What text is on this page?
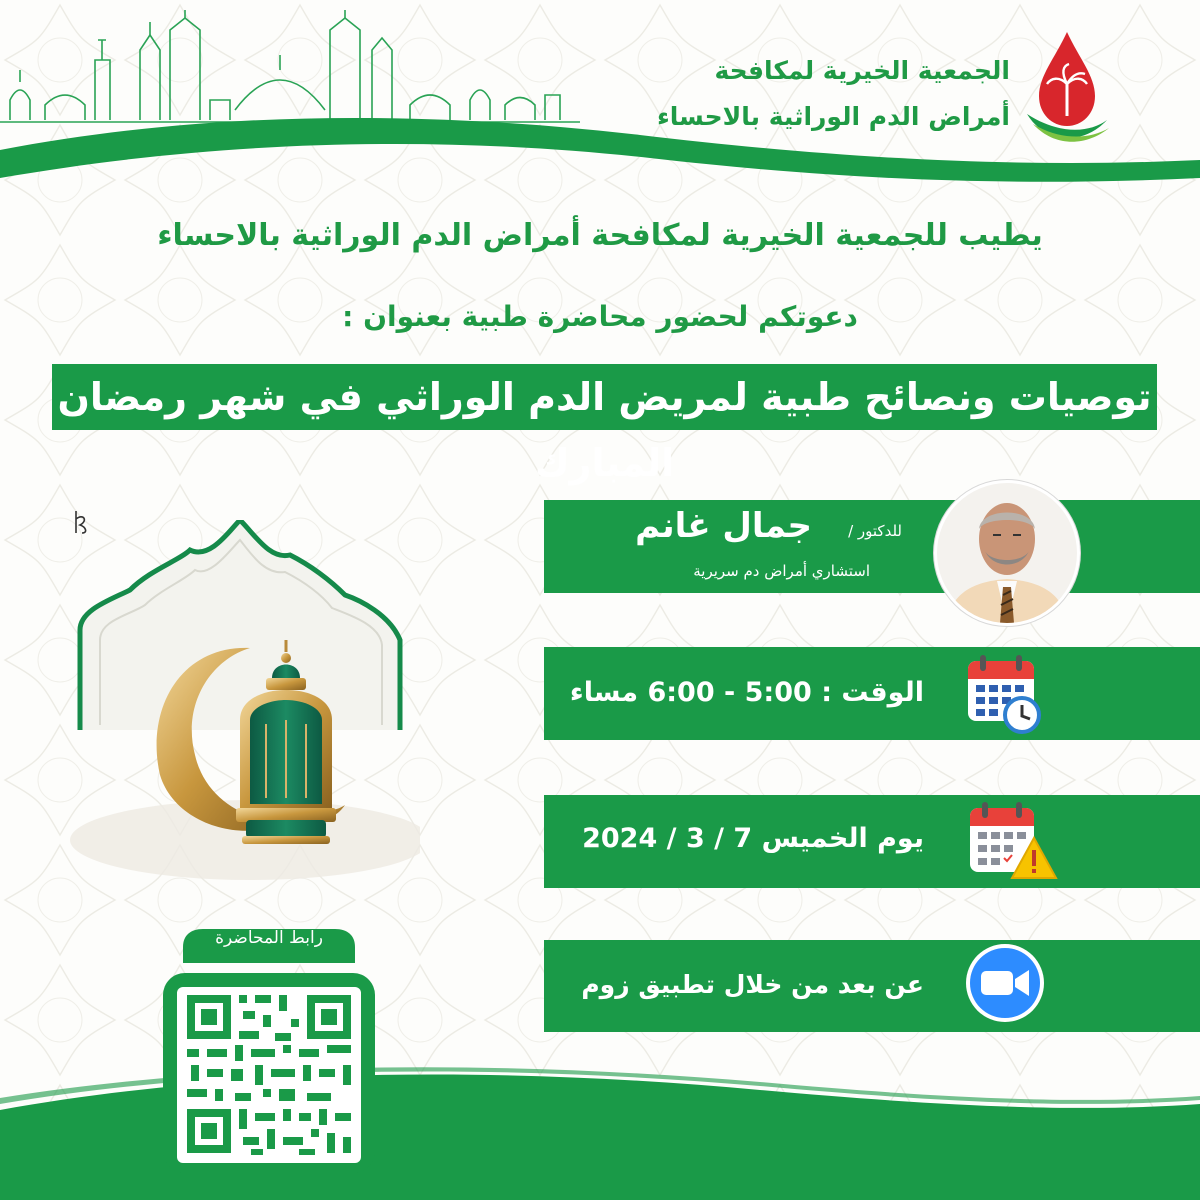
الجمعية الخيرية لمكافحة
أمراض الدم الوراثية بالاحساء
يطيب للجمعية الخيرية لمكافحة أمراض الدم الوراثية بالاحساء
دعوتكم لحضور محاضرة طبية بعنوان :
توصيات ونصائح طبية لمريض الدم الوراثي في شهر رمضان المبارك
للدكتور /
جمال غانم
استشاري أمراض دم سريرية
الوقت : 5:00 - 6:00 مساء
يوم الخميس 7 / 3 / 2024
عن بعد من خلال تطبيق زوم
رابط المحاضرة
